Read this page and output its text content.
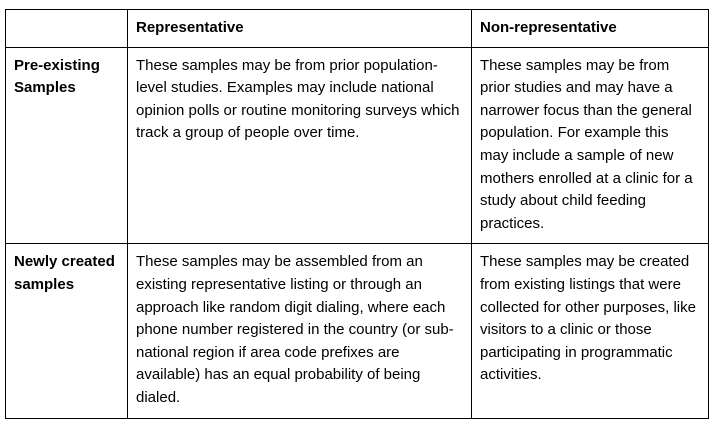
	Representative	Non-representative
Pre-existing Samples	These samples may be from prior population-level studies. Examples may include national opinion polls or routine monitoring surveys which track a group of people over time.	These samples may be from prior studies and may have a narrower focus than the general population. For example this may include a sample of new mothers enrolled at a clinic for a study about child feeding practices.
Newly created samples	These samples may be assembled from an existing representative listing or through an approach like random digit dialing, where each phone number registered in the country (or sub-national region if area code prefixes are available) has an equal probability of being dialed.	These samples may be created from existing listings that were collected for other purposes, like visitors to a clinic or those participating in programmatic activities.
